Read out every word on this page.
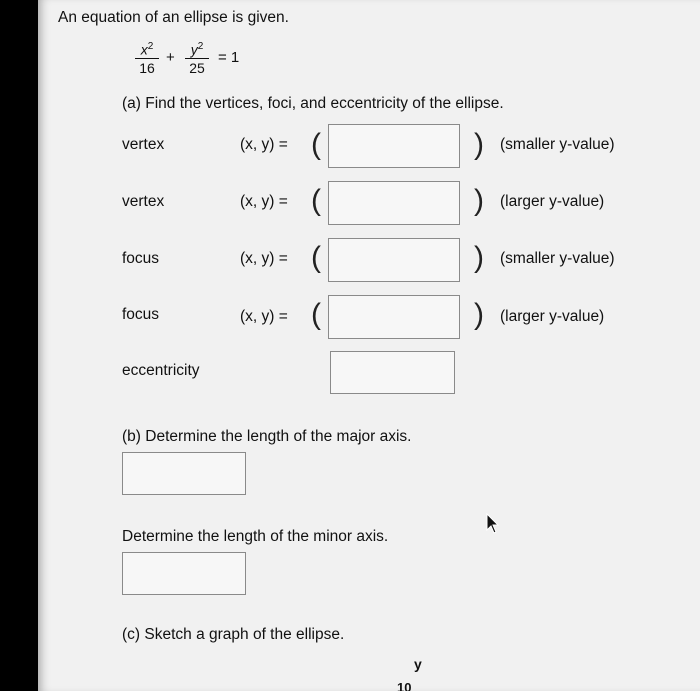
An equation of an ellipse is given.
$\frac{x^2}{16} + \frac{y^2}{25} = 1$
(a) Find the vertices, foci, and eccentricity of the ellipse.
vertex	(x, y) = (	) (smaller y-value)
vertex	(x, y) = (	) (larger y-value)
focus	(x, y) = (	) (smaller y-value)
focus	(x, y) = (	) (larger y-value)
eccentricity
(b) Determine the length of the major axis.
Determine the length of the minor axis.
(c) Sketch a graph of the ellipse.
y
10
